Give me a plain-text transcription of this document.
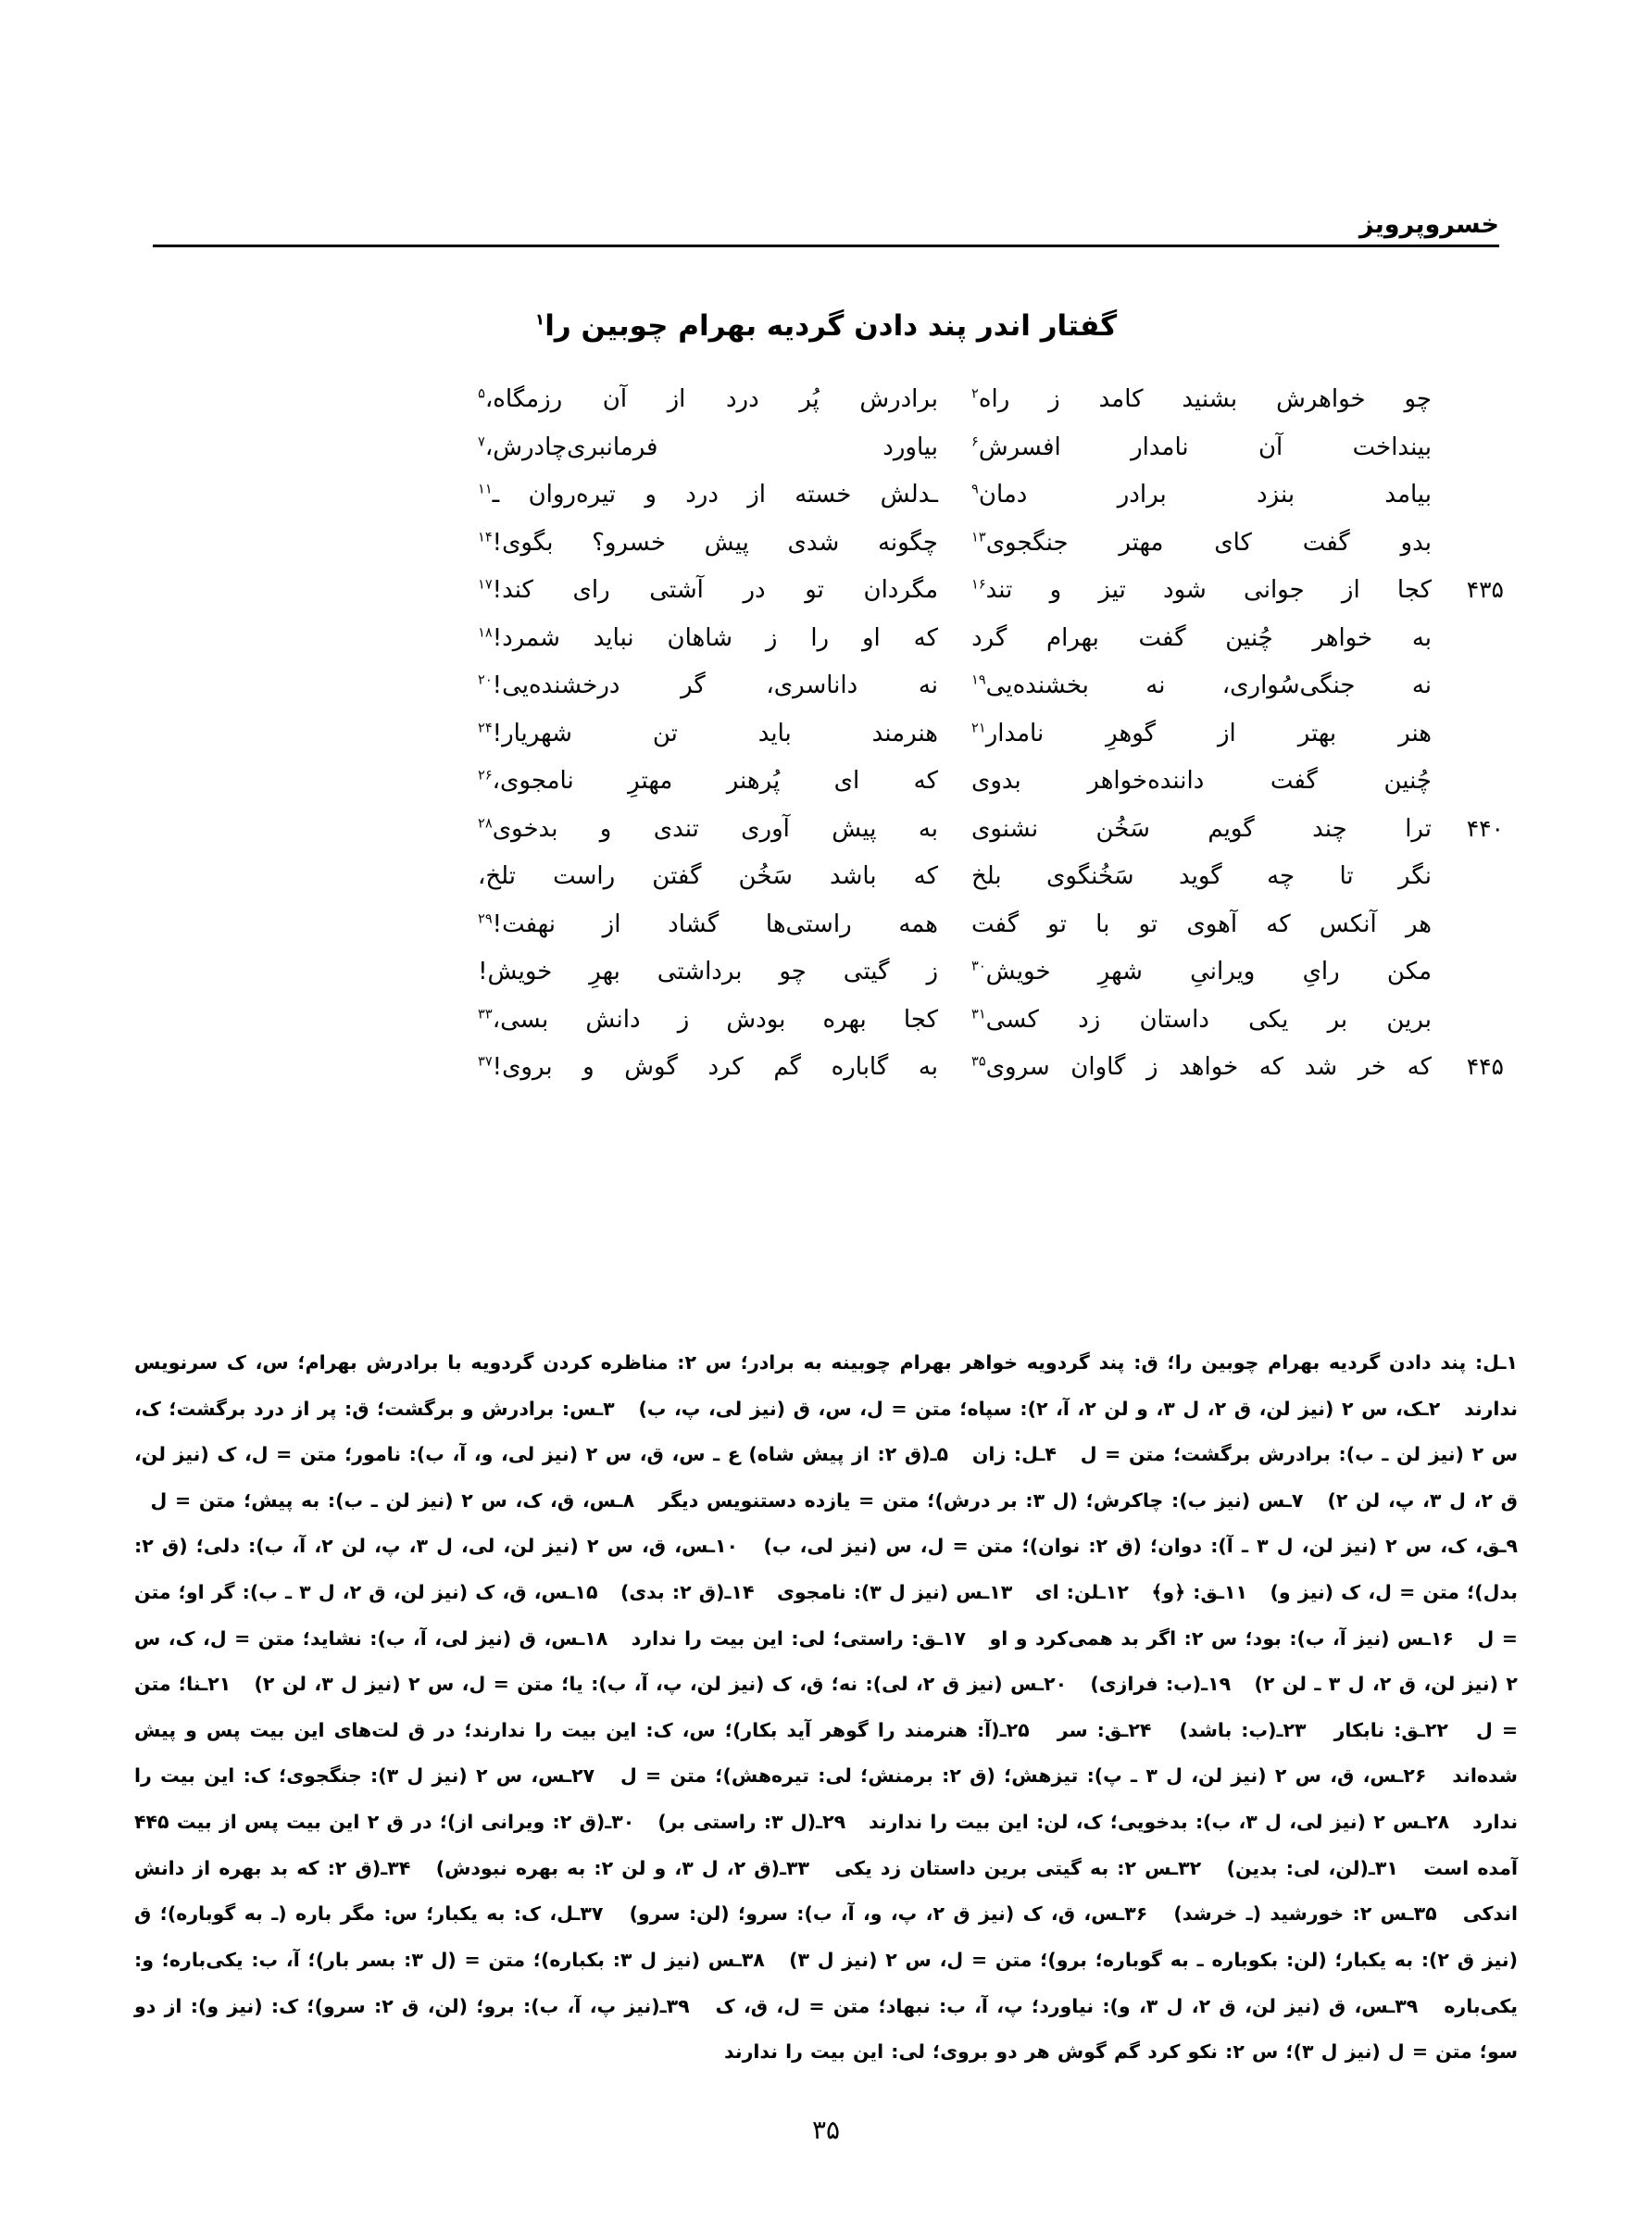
خسروپرویز
گفتار اندر پند دادن گردیه بهرام چوبین را$^۱$
چو
خواهرش
بشنید
کامد
ز
راه$^۲$
برادرش
پُر
درد
از
آن
رزمگاه،$^۵$
بینداخت
آن
نامدار
افسرش$^۶$
بیاورد
فرمانبری‌چادرش،$^۷$
بیامد
بنزد
برادر
دمان$^۹$
ـدلش
خسته
از
درد
و
تیره‌روان
ـ$^{۱۱}$
بدو
گفت
کای
مهتر
جنگجوی$^{۱۳}$
چگونه
شدی
پیش
خسرو؟
بگوی!$^{۱۴}$
۴۳۵
کجا
از
جوانی
شود
تیز
و
تند$^{۱۶}$
مگردان
تو
در
آشتی
رای
کند!$^{۱۷}$
به
خواهر
چُنین
گفت
بهرام
گرد
که
او
را
ز
شاهان
نباید
شمرد!$^{۱۸}$
نه
جنگی‌سُواری،
نه
بخشنده‌یی$^{۱۹}$
نه
داناسری،
گر
درخشنده‌یی!$^{۲۰}$
هنر
بهتر
از
گوهرِ
نامدار$^{۲۱}$
هنرمند
باید
تن
شهریار!$^{۲۴}$
چُنین
گفت
داننده‌خواهر
بدوی
که
ای
پُرهنر
مهترِ
نامجوی،$^{۲۶}$
۴۴۰
ترا
چند
گویم
سَخُن
نشنوی
به
پیش
آوری
تندی
و
بدخوی$^{۲۸}$
نگر
تا
چه
گوید
سَخُنگوی
بلخ
که
باشد
سَخُن
گفتن
راست
تلخ،
هر
آنکس
که
آهوی
تو
با
تو
گفت
همه
راستی‌ها
گشاد
از
نهفت!$^{۲۹}$
مکن
رایِ
ویرانیِ
شهرِ
خویش$^{۳۰}$
ز
گیتی
چو
برداشتی
بهرِ
خویش!
برین
بر
یکی
داستان
زد
کسی$^{۳۱}$
کجا
بهره
بودش
ز
دانش
بسی،$^{۳۳}$
۴۴۵
که
خر
شد
که
خواهد
ز
گاوان
سروی$^{۳۵}$
به
گاباره
گم
کرد
گوش
و
بروی!$^{۳۷}$

۱ـل: پند دادن گردیه بهرام چوبین را؛ ق: پند گردویه خواهر بهرام چوبینه به برادر؛ س ۲: مناظره کردن گردویه با برادرش بهرام؛ س، ک سرنویس ندارند   ۲ـک، س ۲ (نیز لن، ق ۲، ل ۳، و لن ۲، آ، ۲): سپاه؛ متن = ل، س، ق (نیز لی، پ، ب)   ۳ـس: برادرش و برگشت؛ ق: پر از درد برگشت؛ ک، س ۲ (نیز لن ـ ب): برادرش برگشت؛ متن = ل   ۴ـل: زان   ۵ـ(ق ۲: از پیش شاه) ع ـ س، ق، س ۲ (نیز لی، و، آ، ب): نامور؛ متن = ل، ک (نیز لن، ق ۲، ل ۳، پ، لن ۲)   ۷ـس (نیز ب): چاکرش؛ (ل ۳: بر درش)؛ متن = یازده دستنویس دیگر   ۸ـس، ق، ک، س ۲ (نیز لن ـ ب): به پیش؛ متن = ل   ۹ـق، ک، س ۲ (نیز لن، ل ۳ ـ آ): دوان؛ (ق ۲: نوان)؛ متن = ل، س (نیز لی، ب)   ۱۰ـس، ق، س ۲ (نیز لن، لی، ل ۳، پ، لن ۲، آ، ب): دلی؛ (ق ۲: بدل)؛ متن = ل، ک (نیز و)   ۱۱ـق: ﴿و﴾   ۱۲ـلن: ای   ۱۳ـس (نیز ل ۳): نامجوی   ۱۴ـ(ق ۲: بدی)   ۱۵ـس، ق، ک (نیز لن، ق ۲، ل ۳ ـ ب): گر او؛ متن = ل   ۱۶ـس (نیز آ، ب): بود؛ س ۲: اگر بد همی‌کرد و او   ۱۷ـق: راستی؛ لی: این بیت را ندارد   ۱۸ـس، ق (نیز لی، آ، ب): نشاید؛ متن = ل، ک، س ۲ (نیز لن، ق ۲، ل ۳ ـ لن ۲)   ۱۹ـ(ب: فرازی)   ۲۰ـس (نیز ق ۲، لی): نه؛ ق، ک (نیز لن، پ، آ، ب): یا؛ متن = ل، س ۲ (نیز ل ۳، لن ۲)   ۲۱ـنا؛ متن = ل   ۲۲ـق: نابکار   ۲۳ـ(ب: باشد)   ۲۴ـق: سر   ۲۵ـ(آ: هنرمند را گوهر آید بکار)؛ س، ک: این بیت را ندارند؛ در ق لت‌های این بیت پس و پیش شده‌اند   ۲۶ـس، ق، س ۲ (نیز لن، ل ۳ ـ پ): تیزهش؛ (ق ۲: برمنش؛ لی: تیره‌هش)؛ متن = ل   ۲۷ـس، س ۲ (نیز ل ۳): جنگجوی؛ ک: این بیت را ندارد   ۲۸ـس ۲ (نیز لی، ل ۳، ب): بدخویی؛ ک، لن: این بیت را ندارند   ۲۹ـ(ل ۳: راستی بر)   ۳۰ـ(ق ۲: ویرانی از)؛ در ق ۲ این بیت پس از بیت ۴۴۵ آمده است   ۳۱ـ(لن، لی: بدین)   ۳۲ـس ۲: به گیتی برین داستان زد یکی   ۳۳ـ(ق ۲، ل ۳، و لن ۲: به بهره نبودش)   ۳۴ـ(ق ۲: که بد بهره از دانش اندکی   ۳۵ـس ۲: خورشید (ـ خرشد)   ۳۶ـس، ق، ک (نیز ق ۲، پ، و، آ، ب): سرو؛ (لن: سرو)   ۳۷ـل، ک: به یکبار؛ س: مگر باره (ـ به گوباره)؛ ق (نیز ق ۲): به یکبار؛ (لن: بکوباره ـ به گوباره؛ برو)؛ متن = ل، س ۲ (نیز ل ۳)   ۳۸ـس (نیز ل ۳: بکباره)؛ متن = (ل ۳: بسر بار)؛ آ، ب: یکی‌باره؛ و: یکی‌باره   ۳۹ـس، ق (نیز لن، ق ۲، ل ۳، و): نیاورد؛ پ، آ، ب: نبهاد؛ متن = ل، ق، ک   ۳۹ـ(نیز پ، آ، ب): برو؛ (لن، ق ۲: سرو)؛ ک: (نیز و): از دو سو؛ متن = ل (نیز ل ۳)؛ س ۲: نکو کرد گم گوش هر دو بروی؛ لی: این بیت را ندارند

۳۵
